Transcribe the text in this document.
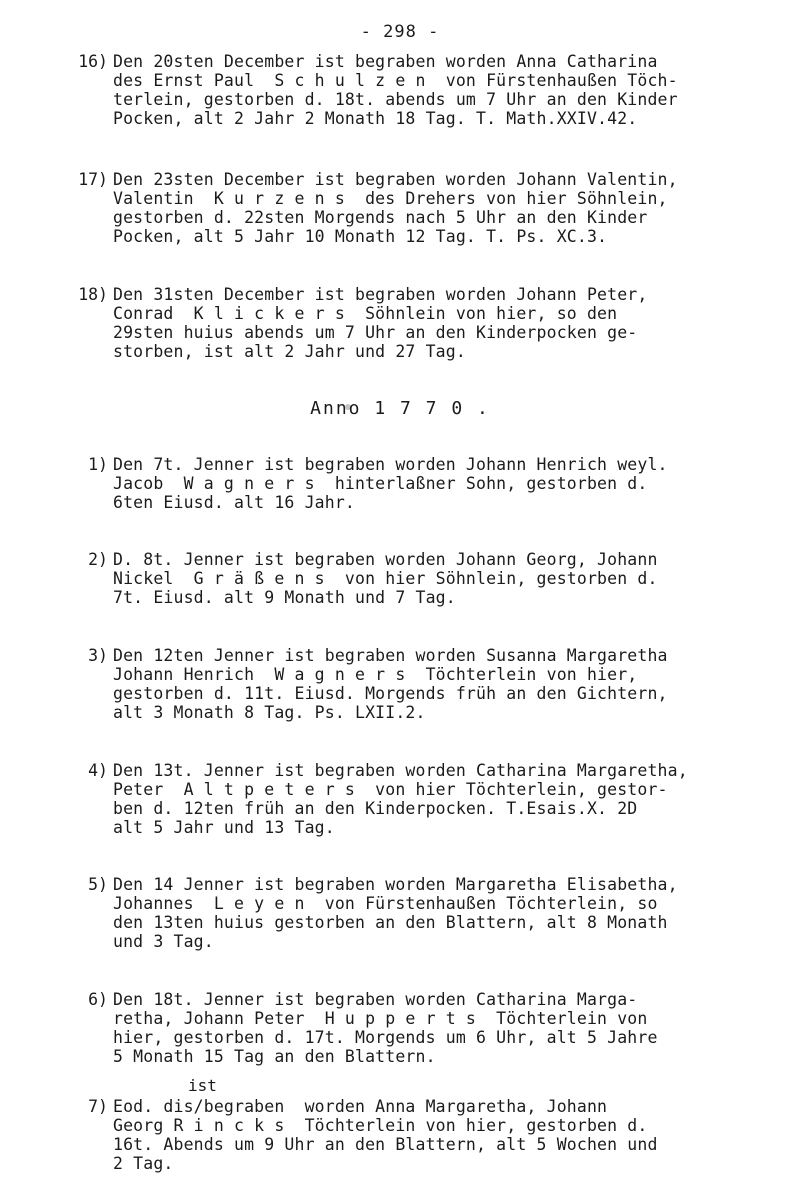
- 298 -
16) Den 20sten December ist begraben worden Anna Catharina
des Ernst Paul  S c h u l z e n  von Fürstenhaußen Töch-
terlein, gestorben d. 18t. abends um 7 Uhr an den Kinder
Pocken, alt 2 Jahr 2 Monath 18 Tag. T. Math.XXIV.42.
17) Den 23sten December ist begraben worden Johann Valentin,
Valentin  K u r z e n s  des Drehers von hier Söhnlein,
gestorben d. 22sten Morgends nach 5 Uhr an den Kinder
Pocken, alt 5 Jahr 10 Monath 12 Tag. T. Ps. XC.3.
18) Den 31sten December ist begraben worden Johann Peter,
Conrad  K l i c k e r s  Söhnlein von hier, so den
29sten huius abends um 7 Uhr an den Kinderpocken ge-
storben, ist alt 2 Jahr und 27 Tag.
Anno 1 7 7 0 .
1) Den 7t. Jenner ist begraben worden Johann Henrich weyl.
Jacob  W a g n e r s  hinterlaßner Sohn, gestorben d.
6ten Eiusd. alt 16 Jahr.
2) D. 8t. Jenner ist begraben worden Johann Georg, Johann
Nickel  G r ä ß e n s  von hier Söhnlein, gestorben d.
7t. Eiusd. alt 9 Monath und 7 Tag.
3) Den 12ten Jenner ist begraben worden Susanna Margaretha
Johann Henrich  W a g n e r s  Töchterlein von hier,
gestorben d. 11t. Eiusd. Morgends früh an den Gichtern,
alt 3 Monath 8 Tag. Ps. LXII.2.
4) Den 13t. Jenner ist begraben worden Catharina Margaretha,
Peter  A l t p e t e r s  von hier Töchterlein, gestor-
ben d. 12ten früh an den Kinderpocken. T.Esais.X. 2D
alt 5 Jahr und 13 Tag.
5) Den 14 Jenner ist begraben worden Margaretha Elisabetha,
Johannes  L e y e n  von Fürstenhaußen Töchterlein, so
den 13ten huius gestorben an den Blattern, alt 8 Monath
und 3 Tag.
6) Den 18t. Jenner ist begraben worden Catharina Marga-
retha, Johann Peter  H u p p e r t s  Töchterlein von
hier, gestorben d. 17t. Morgends um 6 Uhr, alt 5 Jahre
5 Monath 15 Tag an den Blattern.
ist
7) Eod. dis/begraben  worden Anna Margaretha, Johann
Georg R i n c k s  Töchterlein von hier, gestorben d.
16t. Abends um 9 Uhr an den Blattern, alt 5 Wochen und
2 Tag.
